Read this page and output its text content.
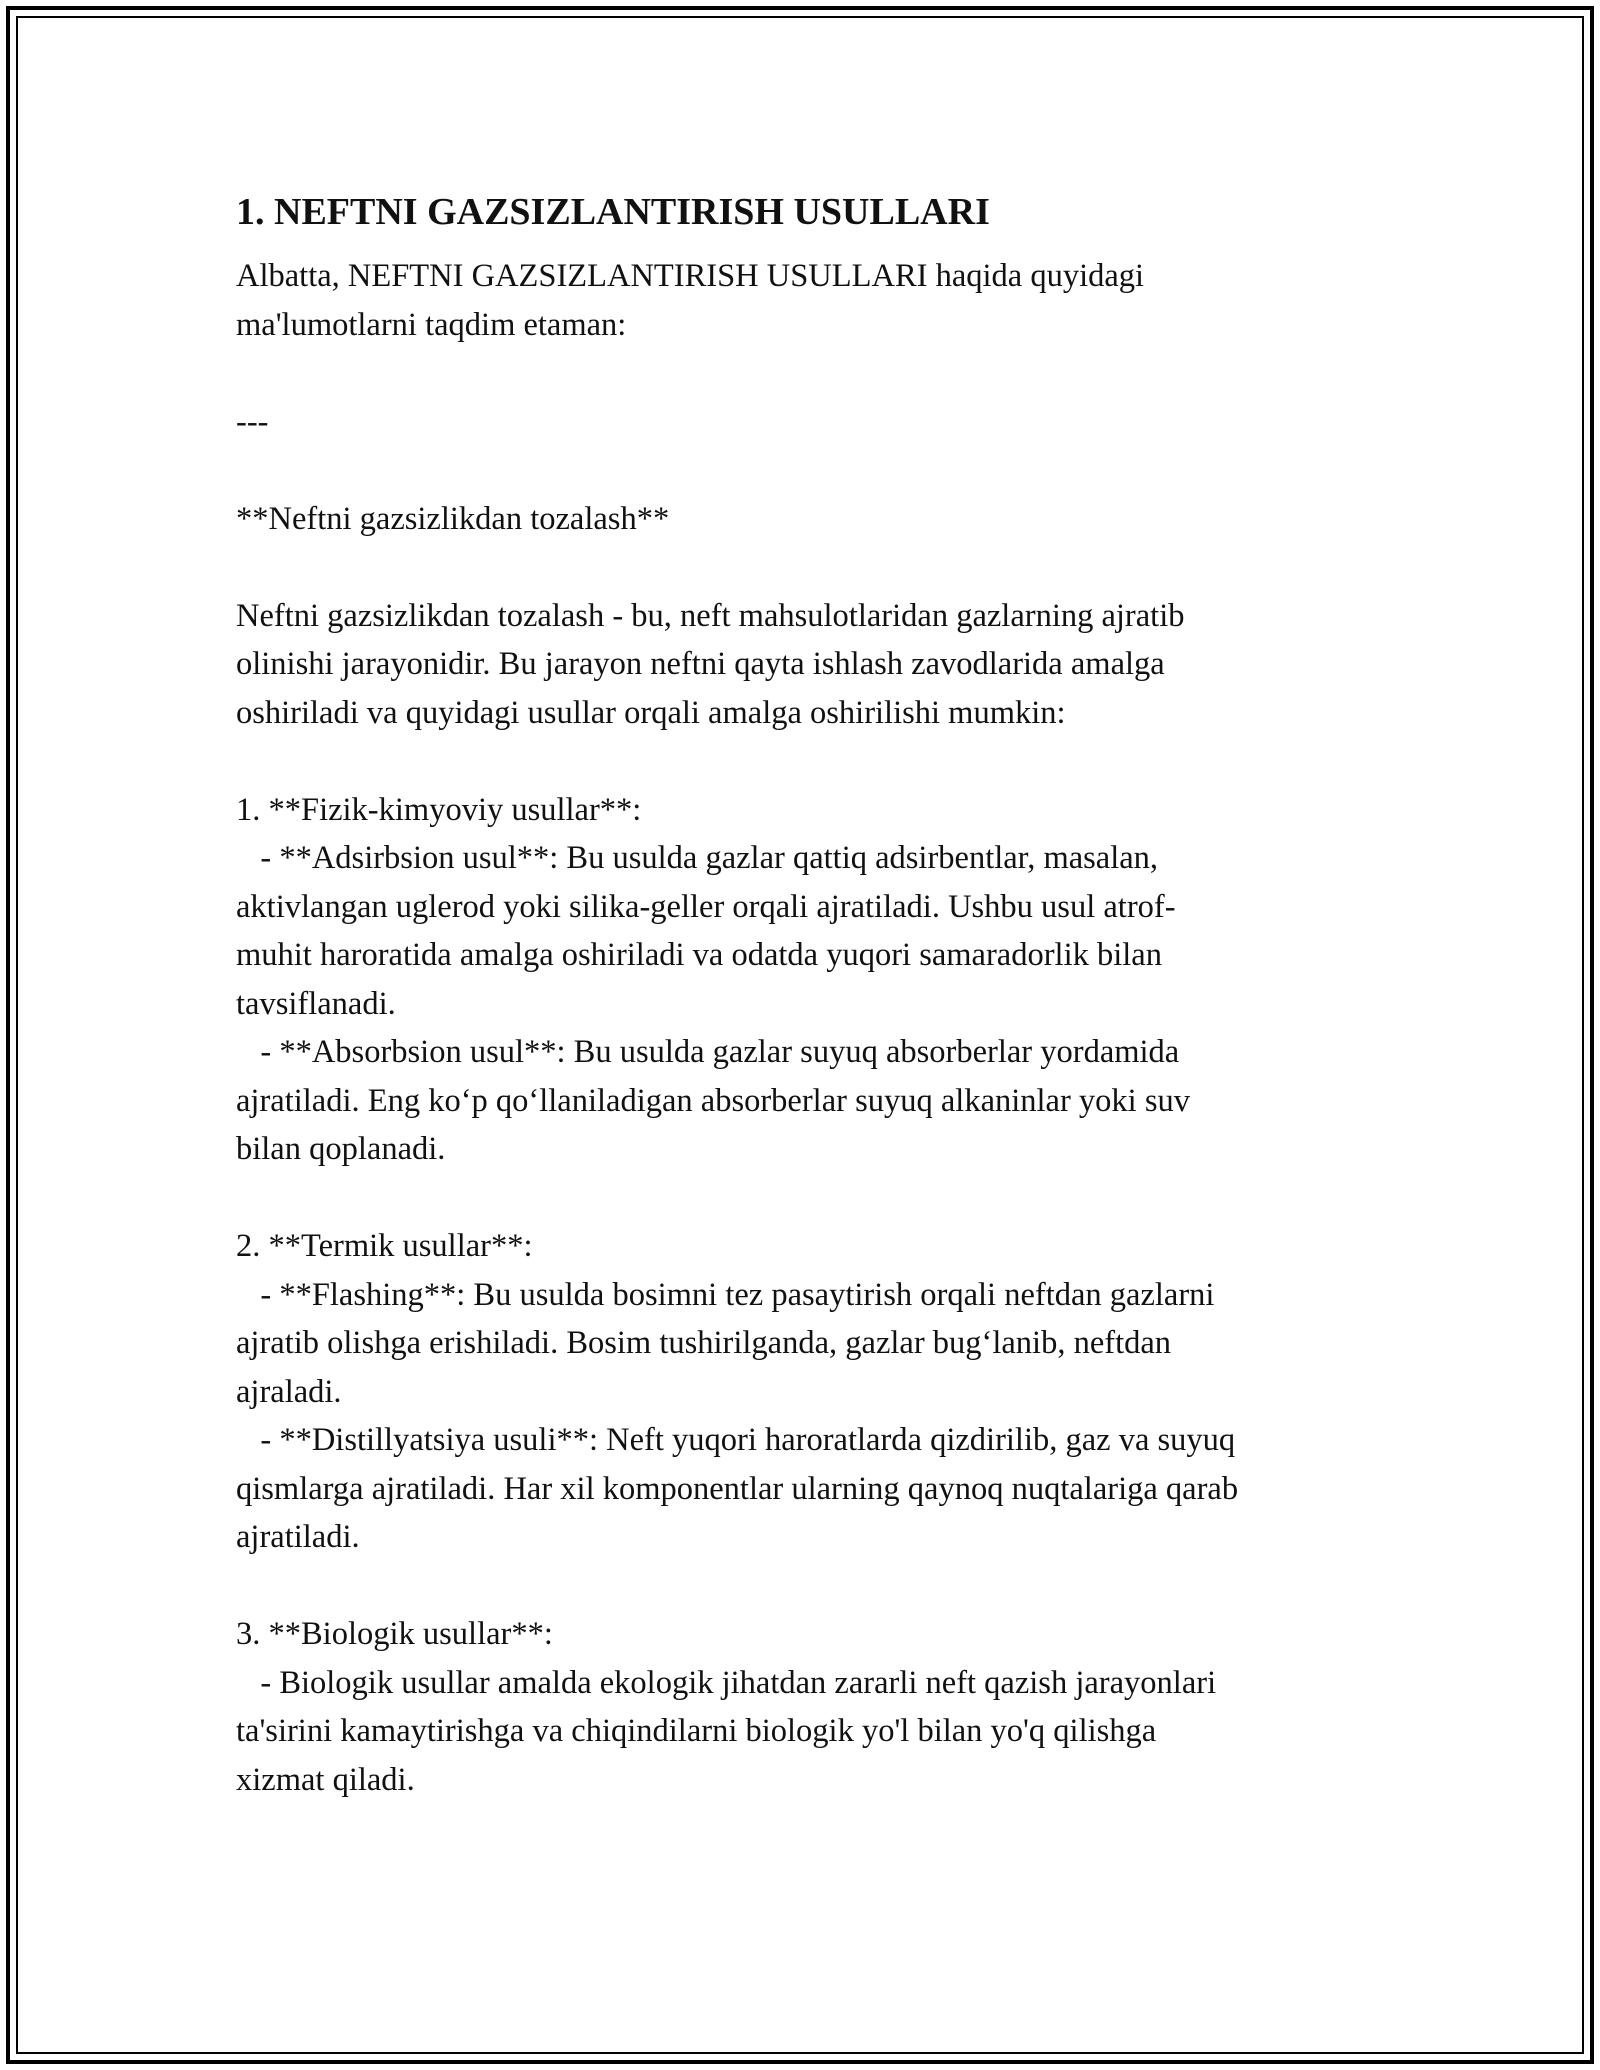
1. NEFTNI GAZSIZLANTIRISH USULLARI

Albatta, NEFTNI GAZSIZLANTIRISH USULLARI haqida quyidagi

ma'lumotlarni taqdim etaman:

---

**Neftni gazsizlikdan tozalash**

Neftni gazsizlikdan tozalash - bu, neft mahsulotlaridan gazlarning ajratib

olinishi jarayonidir. Bu jarayon neftni qayta ishlash zavodlarida amalga

oshiriladi va quyidagi usullar orqali amalga oshirilishi mumkin:

1. **Fizik-kimyoviy usullar**:

- **Adsirbsion usul**: Bu usulda gazlar qattiq adsirbentlar, masalan,

aktivlangan uglerod yoki silika-geller orqali ajratiladi. Ushbu usul atrof-

muhit haroratida amalga oshiriladi va odatda yuqori samaradorlik bilan

tavsiflanadi.

- **Absorbsion usul**: Bu usulda gazlar suyuq absorberlar yordamida

ajratiladi. Eng ko‘p qo‘llaniladigan absorberlar suyuq alkaninlar yoki suv

bilan qoplanadi.

2. **Termik usullar**:

- **Flashing**: Bu usulda bosimni tez pasaytirish orqali neftdan gazlarni

ajratib olishga erishiladi. Bosim tushirilganda, gazlar bug‘lanib, neftdan

ajraladi.

- **Distillyatsiya usuli**: Neft yuqori haroratlarda qizdirilib, gaz va suyuq

qismlarga ajratiladi. Har xil komponentlar ularning qaynoq nuqtalariga qarab

ajratiladi.

3. **Biologik usullar**:

- Biologik usullar amalda ekologik jihatdan zararli neft qazish jarayonlari

ta'sirini kamaytirishga va chiqindilarni biologik yo'l bilan yo'q qilishga

xizmat qiladi.
